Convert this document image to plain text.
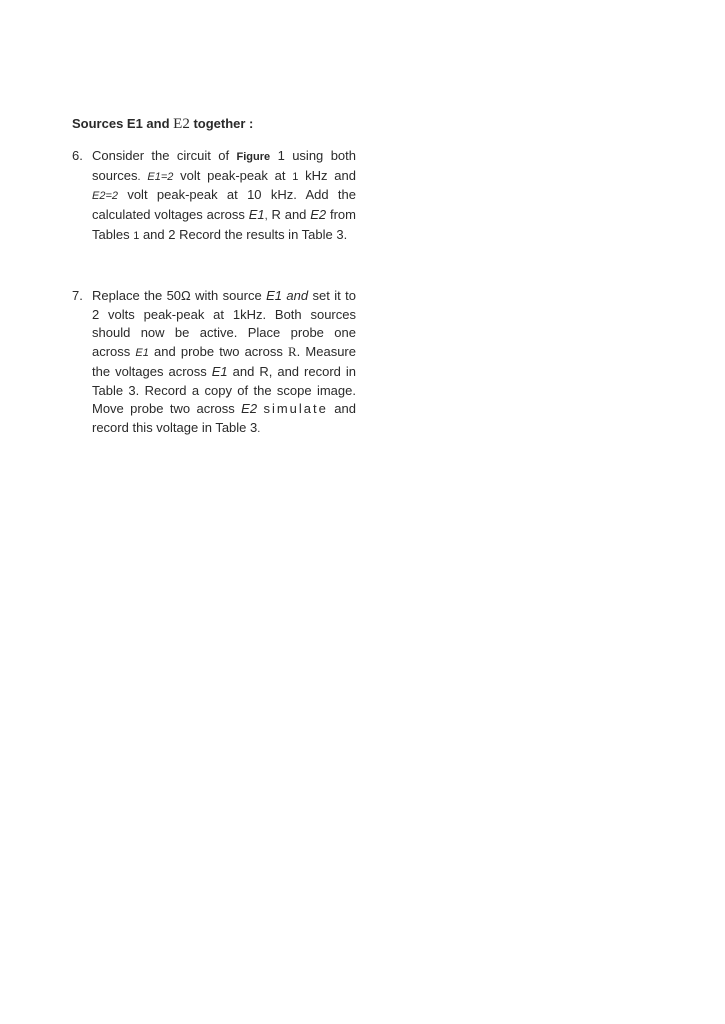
Sources E1 and E2 together :
6. Consider the circuit of Figure 1 using both sources. E1=2 volt peak-peak at 1 kHz and E2=2 volt peak-peak at 10 kHz. Add the calculated voltages across E1, R and E2 from Tables 1 and 2 Record the results in Table 3.
7. Replace the 50Ω with source E1 and set it to 2 volts peak-peak at 1kHz. Both sources should now be active. Place probe one across E1 and probe two across R. Measure the voltages across E1 and R, and record in Table 3. Record a copy of the scope image. Move probe two across E2 simulate and record this voltage in Table 3.
